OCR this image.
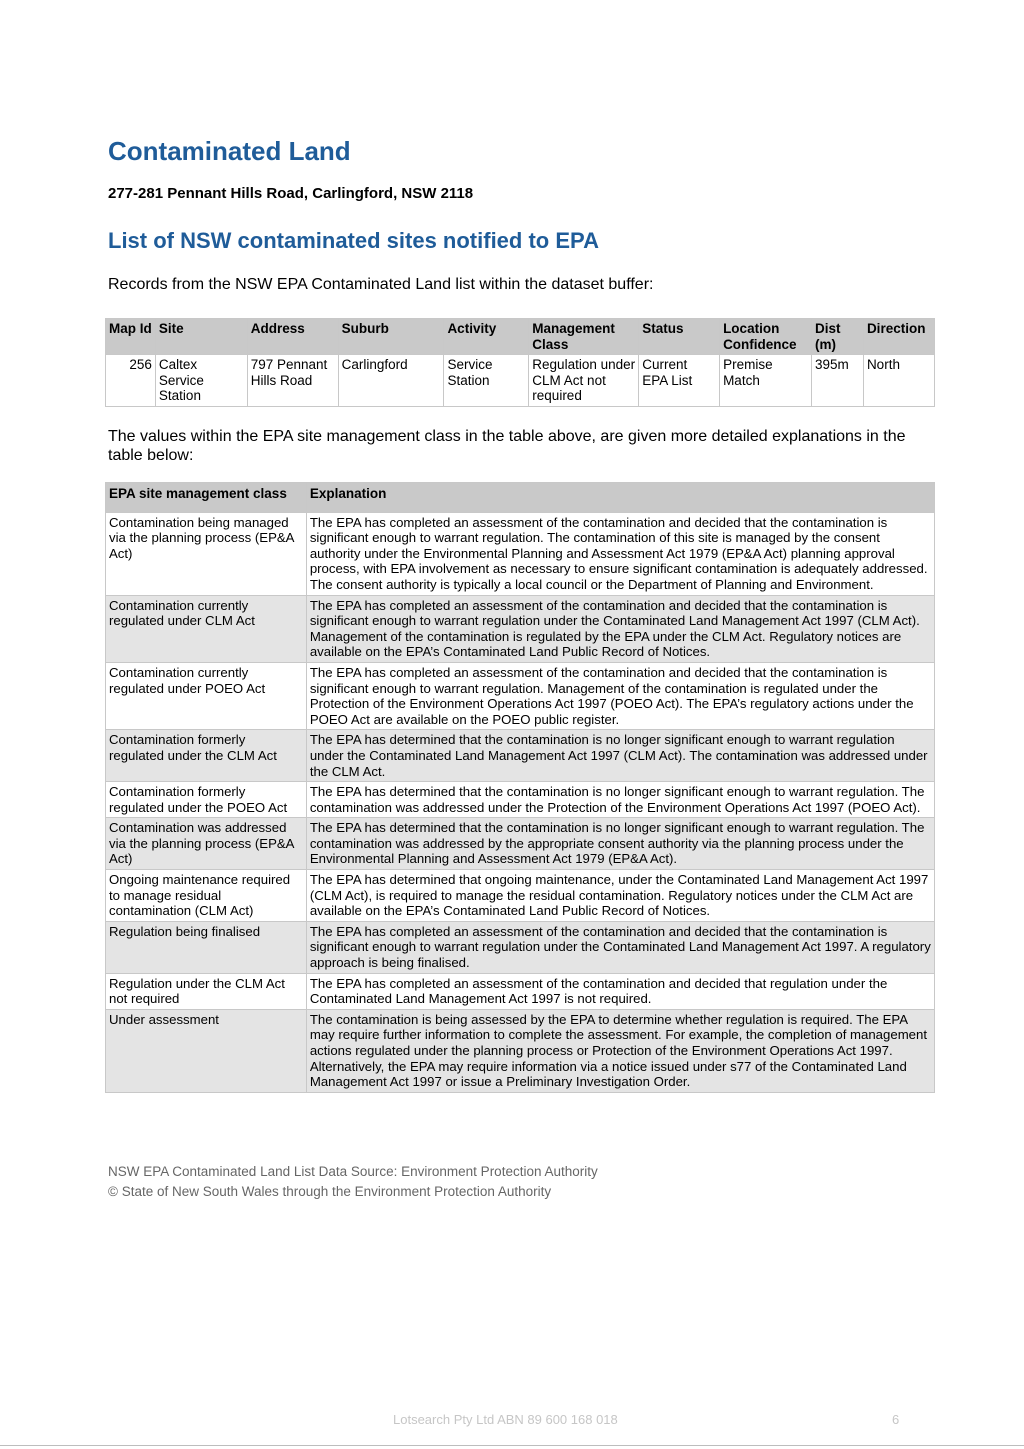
Contaminated Land

277-281 Pennant Hills Road, Carlingford, NSW 2118

List of NSW contaminated sites notified to EPA

Records from the NSW EPA Contaminated Land list within the dataset buffer:

Map Id	Site	Address	Suburb	Activity	Management Class	Status	Location Confidence	Dist (m)	Direction
256	Caltex Service Station	797 Pennant Hills Road	Carlingford	Service Station	Regulation under CLM Act not required	Current EPA List	Premise Match	395m	North

The values within the EPA site management class in the table above, are given more detailed explanations in the table below:

EPA site management class	Explanation
Contamination being managed via the planning process (EP&A Act)	The EPA has completed an assessment of the contamination and decided that the contamination is significant enough to warrant regulation. The contamination of this site is managed by the consent authority under the Environmental Planning and Assessment Act 1979 (EP&A Act) planning approval process, with EPA involvement as necessary to ensure significant contamination is adequately addressed. The consent authority is typically a local council or the Department of Planning and Environment.
Contamination currently regulated under CLM Act	The EPA has completed an assessment of the contamination and decided that the contamination is significant enough to warrant regulation under the Contaminated Land Management Act 1997 (CLM Act). Management of the contamination is regulated by the EPA under the CLM Act. Regulatory notices are available on the EPA’s Contaminated Land Public Record of Notices.
Contamination currently regulated under POEO Act	The EPA has completed an assessment of the contamination and decided that the contamination is significant enough to warrant regulation. Management of the contamination is regulated under the Protection of the Environment Operations Act 1997 (POEO Act). The EPA’s regulatory actions under the POEO Act are available on the POEO public register.
Contamination formerly regulated under the CLM Act	The EPA has determined that the contamination is no longer significant enough to warrant regulation under the Contaminated Land Management Act 1997 (CLM Act). The contamination was addressed under the CLM Act.
Contamination formerly regulated under the POEO Act	The EPA has determined that the contamination is no longer significant enough to warrant regulation. The contamination was addressed under the Protection of the Environment Operations Act 1997 (POEO Act).
Contamination was addressed via the planning process (EP&A Act)	The EPA has determined that the contamination is no longer significant enough to warrant regulation. The contamination was addressed by the appropriate consent authority via the planning process under the Environmental Planning and Assessment Act 1979 (EP&A Act).
Ongoing maintenance required to manage residual contamination (CLM Act)	The EPA has determined that ongoing maintenance, under the Contaminated Land Management Act 1997 (CLM Act), is required to manage the residual contamination. Regulatory notices under the CLM Act are available on the EPA’s Contaminated Land Public Record of Notices.
Regulation being finalised	The EPA has completed an assessment of the contamination and decided that the contamination is significant enough to warrant regulation under the Contaminated Land Management Act 1997. A regulatory approach is being finalised.
Regulation under the CLM Act not required	The EPA has completed an assessment of the contamination and decided that regulation under the Contaminated Land Management Act 1997 is not required.
Under assessment	The contamination is being assessed by the EPA to determine whether regulation is required. The EPA may require further information to complete the assessment. For example, the completion of management actions regulated under the planning process or Protection of the Environment Operations Act 1997. Alternatively, the EPA may require information via a notice issued under s77 of the Contaminated Land Management Act 1997 or issue a Preliminary Investigation Order.

NSW EPA Contaminated Land List Data Source: Environment Protection Authority
© State of New South Wales through the Environment Protection Authority

Lotsearch Pty Ltd ABN 89 600 168 018	6
